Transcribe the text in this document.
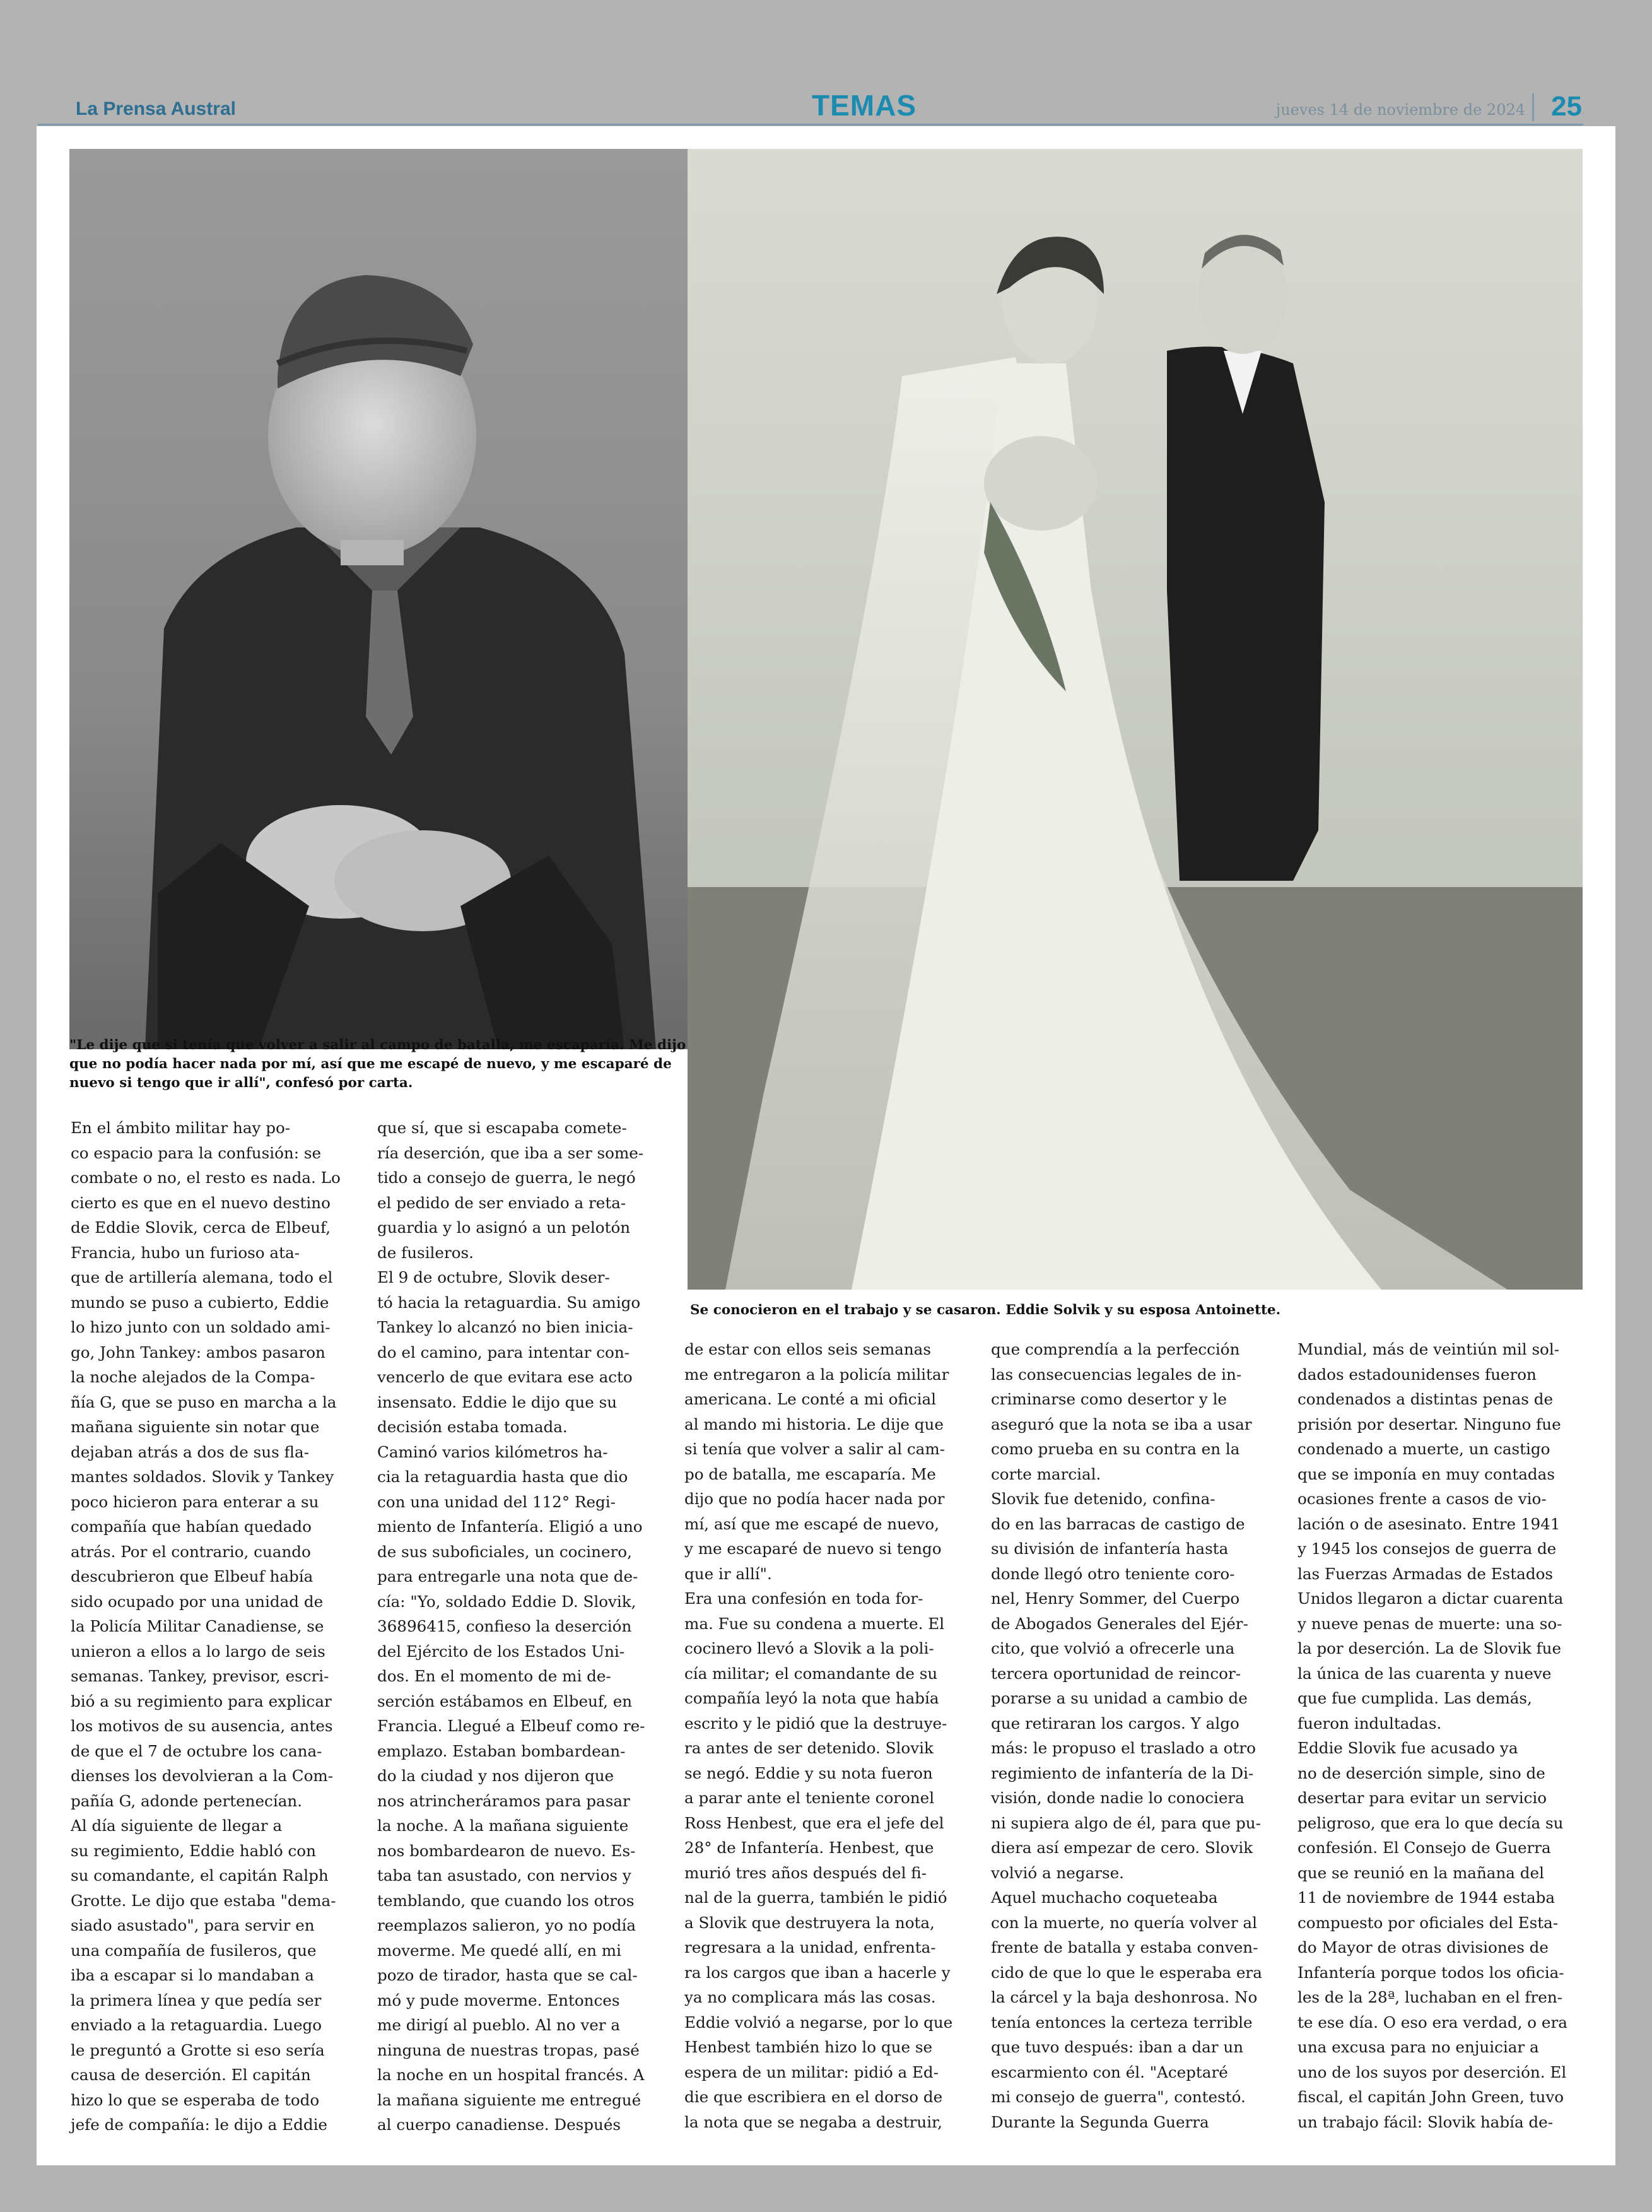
La Prensa Austral	TEMAS	jueves 14 de noviembre de 2024 25
"Le dije que si tenía que volver a salir al campo de batalla, me escaparía. Me dijo que no podía hacer nada por mí, así que me escapé de nuevo, y me escaparé de nuevo si tengo que ir allí", confesó por carta.
Se conocieron en el trabajo y se casaron. Eddie Solvik y su esposa Antoinette.

En el ámbito militar hay po-
co espacio para la confusión: se
combate o no, el resto es nada. Lo
cierto es que en el nuevo destino
de Eddie Slovik, cerca de Elbeuf,
Francia, hubo un furioso ata-
que de artillería alemana, todo el
mundo se puso a cubierto, Eddie
lo hizo junto con un soldado ami-
go, John Tankey: ambos pasaron
la noche alejados de la Compa-
ñía G, que se puso en marcha a la
mañana siguiente sin notar que
dejaban atrás a dos de sus fla-
mantes soldados. Slovik y Tankey
poco hicieron para enterar a su
compañía que habían quedado
atrás. Por el contrario, cuando
descubrieron que Elbeuf había
sido ocupado por una unidad de
la Policía Militar Canadiense, se
unieron a ellos a lo largo de seis
semanas. Tankey, previsor, escri-
bió a su regimiento para explicar
los motivos de su ausencia, antes
de que el 7 de octubre los cana-
dienses los devolvieran a la Com-
pañía G, adonde pertenecían.
Al día siguiente de llegar a
su regimiento, Eddie habló con
su comandante, el capitán Ralph
Grotte. Le dijo que estaba "dema-
siado asustado", para servir en
una compañía de fusileros, que
iba a escapar si lo mandaban a
la primera línea y que pedía ser
enviado a la retaguardia. Luego
le preguntó a Grotte si eso sería
causa de deserción. El capitán
hizo lo que se esperaba de todo
jefe de compañía: le dijo a Eddie

que sí, que si escapaba comete-
ría deserción, que iba a ser some-
tido a consejo de guerra, le negó
el pedido de ser enviado a reta-
guardia y lo asignó a un pelotón
de fusileros.
El 9 de octubre, Slovik deser-
tó hacia la retaguardia. Su amigo
Tankey lo alcanzó no bien inicia-
do el camino, para intentar con-
vencerlo de que evitara ese acto
insensato. Eddie le dijo que su
decisión estaba tomada.
Caminó varios kilómetros ha-
cia la retaguardia hasta que dio
con una unidad del 112° Regi-
miento de Infantería. Eligió a uno
de sus suboficiales, un cocinero,
para entregarle una nota que de-
cía: "Yo, soldado Eddie D. Slovik,
36896415, confieso la deserción
del Ejército de los Estados Uni-
dos. En el momento de mi de-
serción estábamos en Elbeuf, en
Francia. Llegué a Elbeuf como re-
emplazo. Estaban bombardean-
do la ciudad y nos dijeron que
nos atrincheráramos para pasar
la noche. A la mañana siguiente
nos bombardearon de nuevo. Es-
taba tan asustado, con nervios y
temblando, que cuando los otros
reemplazos salieron, yo no podía
moverme. Me quedé allí, en mi
pozo de tirador, hasta que se cal-
mó y pude moverme. Entonces
me dirigí al pueblo. Al no ver a
ninguna de nuestras tropas, pasé
la noche en un hospital francés. A
la mañana siguiente me entregué
al cuerpo canadiense. Después

de estar con ellos seis semanas
me entregaron a la policía militar
americana. Le conté a mi oficial
al mando mi historia. Le dije que
si tenía que volver a salir al cam-
po de batalla, me escaparía. Me
dijo que no podía hacer nada por
mí, así que me escapé de nuevo,
y me escaparé de nuevo si tengo
que ir allí".
Era una confesión en toda for-
ma. Fue su condena a muerte. El
cocinero llevó a Slovik a la poli-
cía militar; el comandante de su
compañía leyó la nota que había
escrito y le pidió que la destruye-
ra antes de ser detenido. Slovik
se negó. Eddie y su nota fueron
a parar ante el teniente coronel
Ross Henbest, que era el jefe del
28° de Infantería. Henbest, que
murió tres años después del fi-
nal de la guerra, también le pidió
a Slovik que destruyera la nota,
regresara a la unidad, enfrenta-
ra los cargos que iban a hacerle y
ya no complicara más las cosas.
Eddie volvió a negarse, por lo que
Henbest también hizo lo que se
espera de un militar: pidió a Ed-
die que escribiera en el dorso de
la nota que se negaba a destruir,

que comprendía a la perfección
las consecuencias legales de in-
criminarse como desertor y le
aseguró que la nota se iba a usar
como prueba en su contra en la
corte marcial.
Slovik fue detenido, confina-
do en las barracas de castigo de
su división de infantería hasta
donde llegó otro teniente coro-
nel, Henry Sommer, del Cuerpo
de Abogados Generales del Ejér-
cito, que volvió a ofrecerle una
tercera oportunidad de reincor-
porarse a su unidad a cambio de
que retiraran los cargos. Y algo
más: le propuso el traslado a otro
regimiento de infantería de la Di-
visión, donde nadie lo conociera
ni supiera algo de él, para que pu-
diera así empezar de cero. Slovik
volvió a negarse.
Aquel muchacho coqueteaba
con la muerte, no quería volver al
frente de batalla y estaba conven-
cido de que lo que le esperaba era
la cárcel y la baja deshonrosa. No
tenía entonces la certeza terrible
que tuvo después: iban a dar un
escarmiento con él. "Aceptaré
mi consejo de guerra", contestó.
Durante la Segunda Guerra

Mundial, más de veintiún mil sol-
dados estadounidenses fueron
condenados a distintas penas de
prisión por desertar. Ninguno fue
condenado a muerte, un castigo
que se imponía en muy contadas
ocasiones frente a casos de vio-
lación o de asesinato. Entre 1941
y 1945 los consejos de guerra de
las Fuerzas Armadas de Estados
Unidos llegaron a dictar cuarenta
y nueve penas de muerte: una so-
la por deserción. La de Slovik fue
la única de las cuarenta y nueve
que fue cumplida. Las demás,
fueron indultadas.
Eddie Slovik fue acusado ya
no de deserción simple, sino de
desertar para evitar un servicio
peligroso, que era lo que decía su
confesión. El Consejo de Guerra
que se reunió en la mañana del
11 de noviembre de 1944 estaba
compuesto por oficiales del Esta-
do Mayor de otras divisiones de
Infantería porque todos los oficia-
les de la 28ª, luchaban en el fren-
te ese día. O eso era verdad, o era
una excusa para no enjuiciar a
uno de los suyos por deserción. El
fiscal, el capitán John Green, tuvo
un trabajo fácil: Slovik había de-
